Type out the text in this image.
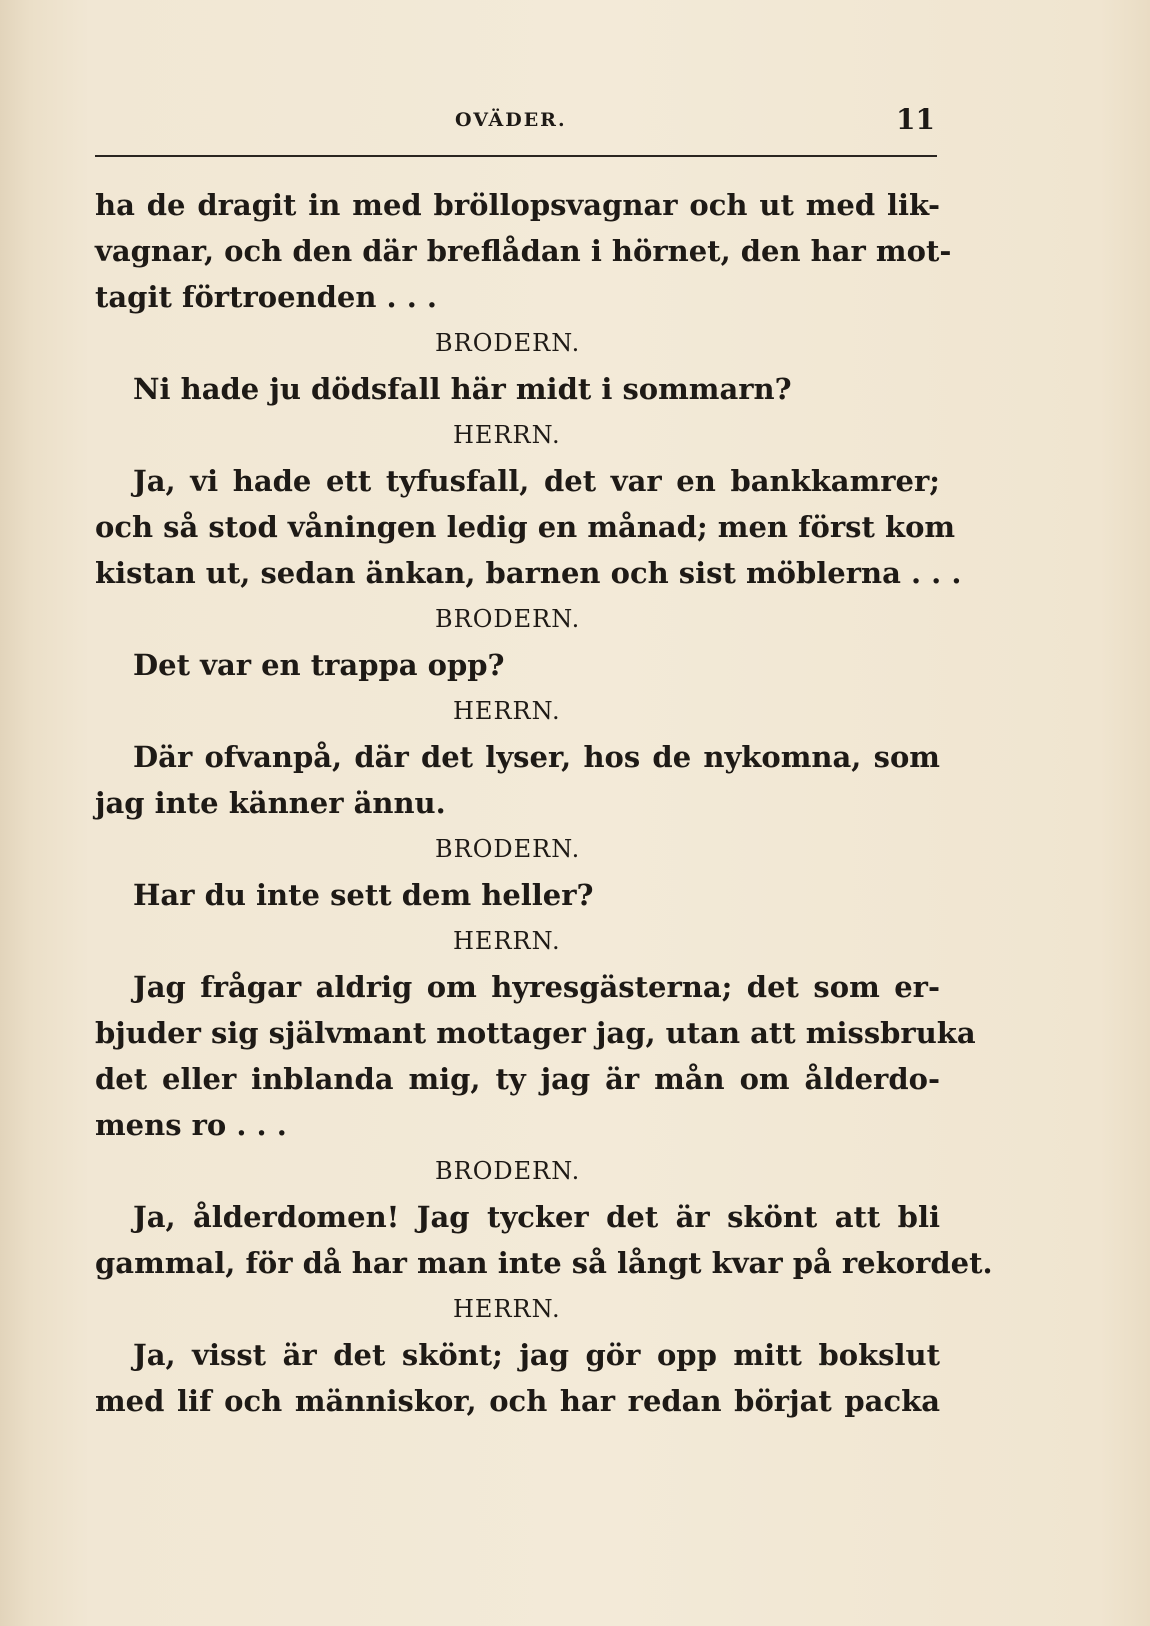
OVÄDER.	11
ha de dragit in med bröllopsvagnar och ut med lik-
vagnar, och den där breflådan i hörnet, den har mot-
tagit förtroenden . . .
BRODERN.
Ni hade ju dödsfall här midt i sommarn?
HERRN.
Ja, vi hade ett tyfusfall, det var en bankkamrer;
och så stod våningen ledig en månad; men först kom
kistan ut, sedan änkan, barnen och sist möblerna . . .
BRODERN.
Det var en trappa opp?
HERRN.
Där ofvanpå, där det lyser, hos de nykomna, som
jag inte känner ännu.
BRODERN.
Har du inte sett dem heller?
HERRN.
Jag frågar aldrig om hyresgästerna; det som er-
bjuder sig självmant mottager jag, utan att missbruka
det eller inblanda mig, ty jag är mån om ålderdo-
mens ro . . .
BRODERN.
Ja, ålderdomen! Jag tycker det är skönt att bli
gammal, för då har man inte så långt kvar på rekordet.
HERRN.
Ja, visst är det skönt; jag gör opp mitt bokslut
med lif och människor, och har redan börjat packa
